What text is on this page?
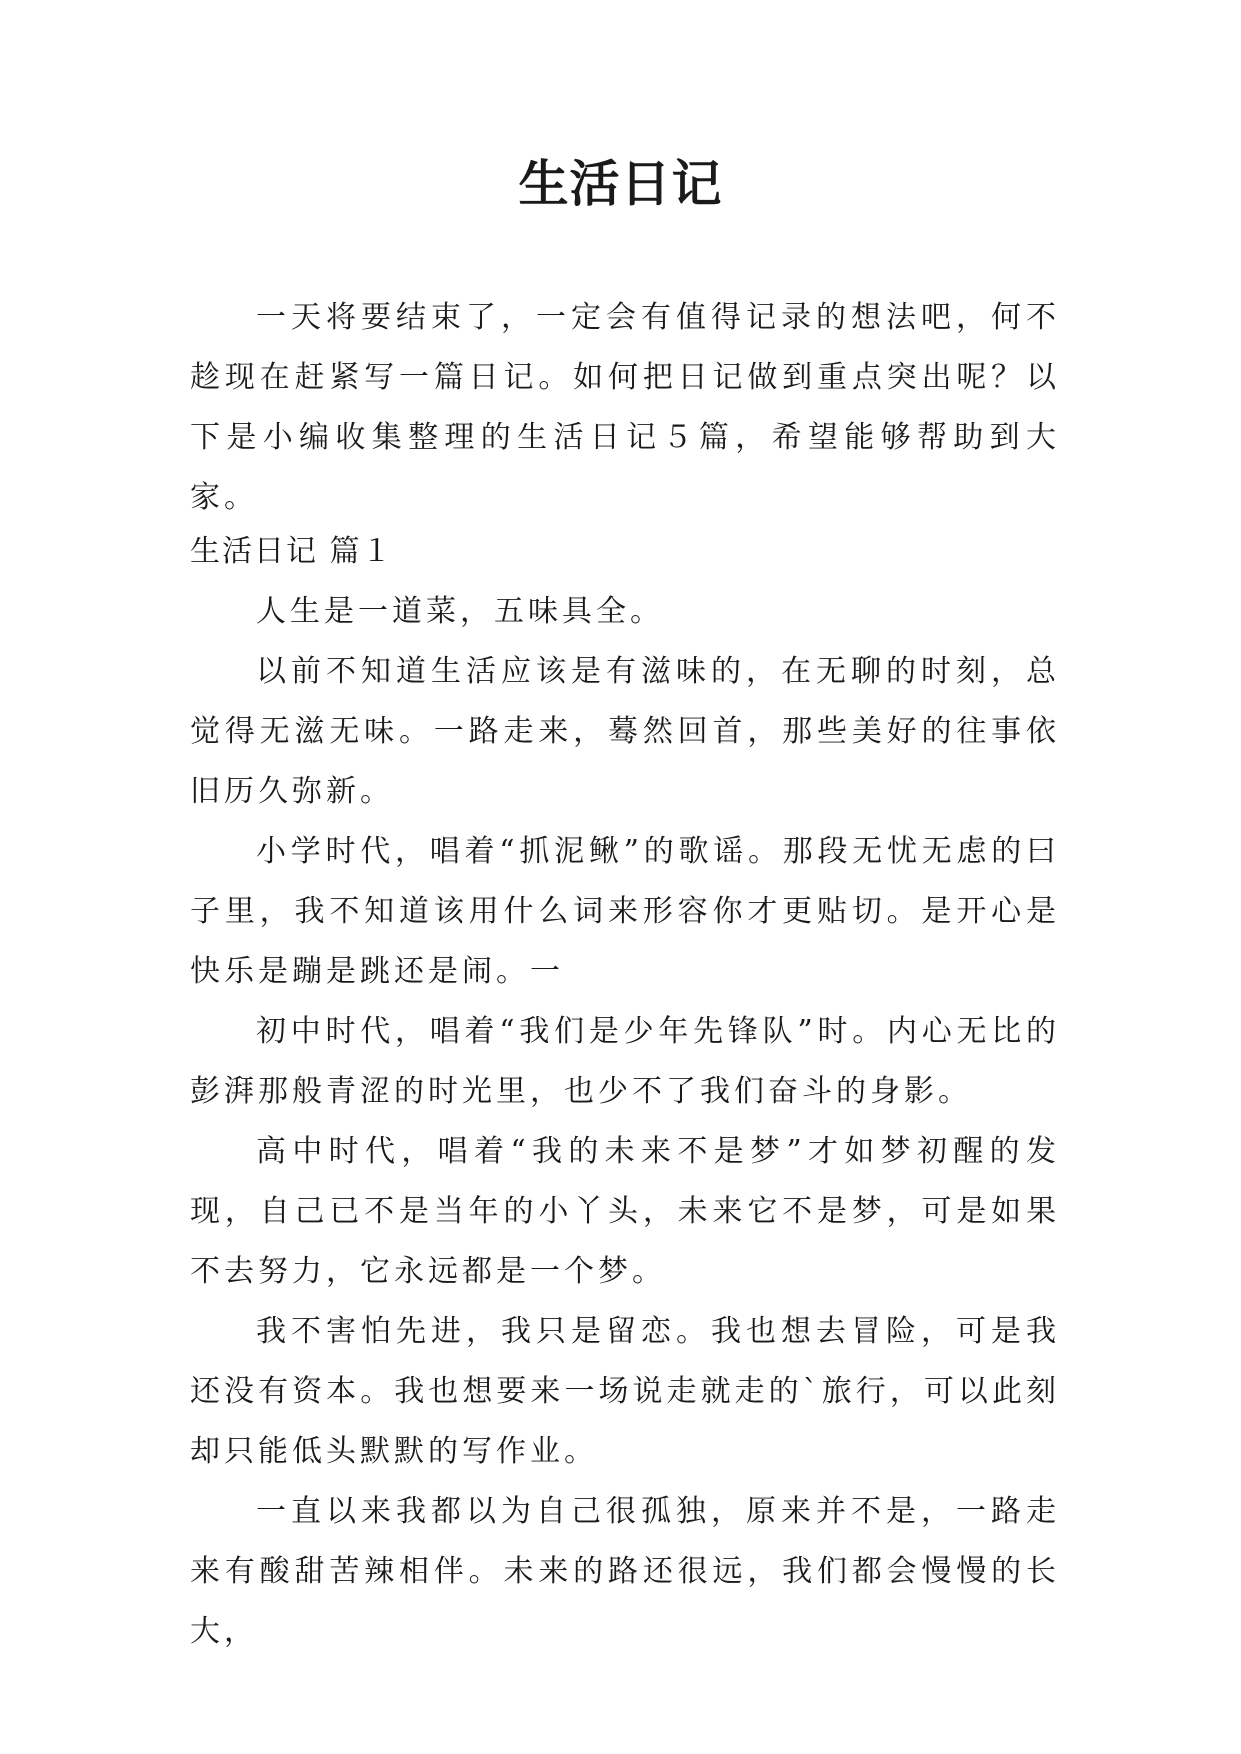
生活日记

一天将要结束了，一定会有值得记录的想法吧，何不趁现在赶紧写一篇日记。如何把日记做到重点突出呢？以下是小编收集整理的生活日记５篇，希望能够帮助到大家。

生活日记 篇１

人生是一道菜，五味具全。

以前不知道生活应该是有滋味的，在无聊的时刻，总觉得无滋无味。一路走来，蓦然回首，那些美好的往事依旧历久弥新。

小学时代，唱着“抓泥鳅”的歌谣。那段无忧无虑的曰子里，我不知道该用什么词来形容你才更贴切。是开心是快乐是蹦是跳还是闹。一

初中时代，唱着“我们是少年先锋队”时。内心无比的彭湃那般青涩的时光里，也少不了我们奋斗的身影。

高中时代，唱着“我的未来不是梦”才如梦初醒的发现，自己已不是当年的小丫头，未来它不是梦，可是如果不去努力，它永远都是一个梦。

我不害怕先进，我只是留恋。我也想去冒险，可是我还没有资本。我也想要来一场说走就走的`旅行，可以此刻却只能低头默默的写作业。

一直以来我都以为自己很孤独，原来并不是，一路走来有酸甜苦辣相伴。未来的路还很远，我们都会慢慢的长大，
